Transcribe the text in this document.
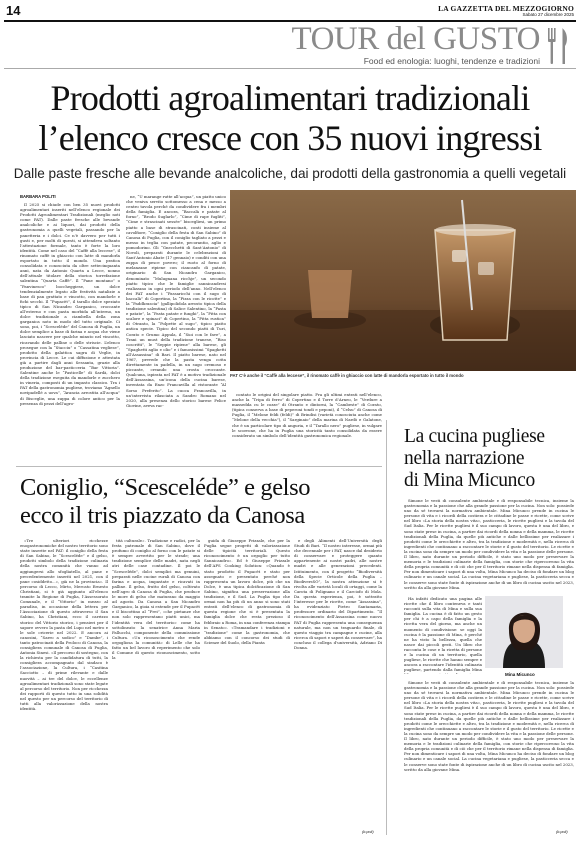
14	LA GAZZETTA DEL MEZZOGIORNO
Sabato 27 dicembre 2025
TOUR del GUSTO
Food ed enologia: luoghi, tendenze e tradizioni
Prodotti agroalimentari tradizionali
l’elenco cresce con 35 nuovi ingressi
Dalle paste fresche alle bevande analcoliche, dai prodotti della gastronomia a quelli vegetali
BARBARA POLITI

Il 2025 si chiude con ben 35 nuovi prodotti agroalimentari inseriti nell’elenco regionale dei Prodotti Agroalimentari Tradizionali (meglio noti come PAT). Dalle paste fresche alle bevande analcoliche e ai liquori, dai prodotti della gastronomia a quelli vegetali, passando per la panetteria e i dolci. Ce n’è davvero per tutti i gusti e, per molti di questi, si attendeva soltanto l’attestazione formale, tanto è forte la loro identità. Come nel caso del “Caffè alla leccese”, il rinomato caffè in ghiaccio con latte di mandorla esportato in tutto il mondo. Una pratica consolidata e conosciuta da oltre settecinquanta anni, nata da Antonio Quarta a Lecce, nonno dell’attuale titolare della storica torrefazione salentina “Quarta Caffè”. Il “Pane montano” o “Panvinesco” boccheggiese, un dolce tendenzialmente legato alle festività natalizie a base di pan grattato e vincotto, con mandorle e fichi secchi. Il “Pupacèt”, il tarallo dolce speziato tipico di San Nicandro Garganico, croccante all’esterno e con pasta morbida all’interno, un dolce tradizionale a ciambella della zona garganica noto in modo del tutto originale. Ci sono, poi, i “Scesceléde” del Canosa di Puglia, un dolce semplice a base di farina e acqua che viene lasciato nascere per qualche minuto nel vincotto, ricavando delle palline o delle striscie. L’elenco prosegue con la “Stacciu” o “Cassatina vegliese”, prodotto della galattica sagra di Veglie, in provincia di Lecce. Le cui diffusione e attestata già a partire dagli anni Sessanta, grazie alla produzione del bar-pasticceria “Bar Vittoria”. Salentine anche le “Pasticelle” di Sardà, dolci della tradizione eseguita da mandorle e zucchero in vineria, composti di un impasto classico. Tra i PAT della gastronomia pugliese, troviamo “Agnello novipadellé a uova”, “Arancia arrostita all’acqua” di Bisceglie, una zuppa di colore antico per la presenza di pezzi dell’agro-

ne, “U marange rutte all’acqua”, un piatto unico che veniva servito sottomesso a cena e messo a centro tavola perché da condividere fra i membri della famiglia. E ancora, “Baccalà e patate al forno”, “Brodo Suglarlo”, “Cime di rape fugliti”, “Cime e strascinati sessèe” biscegliesi, un primo piatto a base di strascinati, conti insieme al cavolfiore, “Coniglio della festa di San Sabino” di Canosa di Puglia, con il coniglio tagliato a pezzi e messo in teglia con patate, pecorantio, aglio e pomodorino. Gli “Gnecchetti di Sant’Antonio” di Novoli, preparati durante le celebrazioni di Sant’Antonio Abate (17 gennaio) e conditi con una zuppa di pesce povero; il ruoto al forno di melanzane ripiene con ciancanfo di patate, originario di San Nicandro Garganico, denominato “Mulugnana ricchje”, un secondo piatto tipico che le famiglie sannicandresi realizzano in ogni periodo dell’anno. Nell’elenco dei PAT anche i “Passaricchi con il sugo di baccalà” di Copertino, la “Pizza con le ricotte” e la “Paddhrascia” (gallipolidola arrosto tipica della tradizione salentina) di Salice Salentino, la “Pasta e patate”, la “Pasta patate e funghi”, la “Pitta con scalore e spinaci” di Copertino, la “Pitta rustica” di Otranto, la “Polpette al sugo”, tipico piatto antica specie. Tipico del secondo piatti di Turi, Corato e Grumo Appula, il “Sioi con le fave”, a Trani un must della tradizione tranese, “Riso coscritti”, le “Seppie ripiene” alla barese, gli “Spaghetti aglio e olio” e i famosissimi “Spaghetti all’Assassina” di Bari. Il piatto barese, nato nel 1967, prevede che la pasta venga cotta direttamente in padella, in un sugo cremoso e piccante, creando una crosta croccante. Qualcuna, ispirata nel PAT è a motivo tradizionale dell’Assassina, un’icona della cucina barese, inventata da Enzo Francavilla al ristorante “Al Sorso Preferito”. La cuoca Francavilla, in un’intervista rilasciata a Sandro Romano nel 2020, alla presenza dello storico barese Felice Giovine, aveva rac-

contato le origini del singolare piatto. Fra gli ultimi entrati nell’elenco, anche la “Tripa di ferro” di Copertino e il Torre d’Arneo, le “Verdure a massedda cu le cozze” di Otranto e dintorni, la “Cambeste” di Corato, (tipica conserva a base di peperoni tondi e peponi), il “Celsu” di Canosa di Puglia, il “Melone feldi (feldi)” di Brindisi (varietà conosciuta anche come “Melone della vecchia”), il “Sarginaio” della marina di Nardò e Galatone, che è un particolare tipo di anguria, e il “Tarallo nero” pugliese, in vulgare le scorrone, che ha in Puglia una storicità tanto consolidata da essere considerato un simbolo dell’identità gastronomica regionale.

PAT C’è anche il “Caffè alla leccese”, il rinomato caffè in ghiaccio con latte di mandorla esportato in tutto il mondo
Coniglio, “Scesceléde” e gelso
ecco il tris piazzato da Canosa

«Tre ulteriori ricchezze enogastronomiche del nostro territorio sono state inserite nel PAT: il coniglio della festa di San Sabino, le “Scesceléde” e il gelso, prodotti simbolo della tradizione culinaria della nostra comunità che vanno ad aggiungersi allo sfogliatello, al pane e precedentemente inseriti nel 2021, con il pane cosiddetto...», già ne la provincia». Il percorso di Lecco, Mirto, Mercato Ernesto Christiani, si è già aggiunto all’elenco tramite la Regione di Puglia, l’Assessorato Comunale, e il “Vittorio” in mezzo al paradiso, in occasione della lettera per l’Associazione di questo attraverso il San Sabino, ha Christiani, ecco il carrizzo storico del Vittorio storico, i pensieri per il sapore ovvero la pasta del Lupo nel metro e le sole cricerie nel 2022. E ancora ai canosini, “Sarro a sodico” e “Dambe”, i tanto patrocinati della Proloco di Canosa, la consigliera comunale di Canosa di Puglia, Antonia Sinesi. «Il percorso di sostegno, con la richiesta per la candidatura di tutti, la consigliera accompagnato dal sindaco è l’associazione, la Cultura, i “Casitina Sacciotto – di prime rilevante e dalle nuovità – ai tre del dolce, le eccellenze agroalimentari tradizionali sono state legate al percorso del territorio. Non per ricchezza dei rapporti di questo tutto in una solidità nel questo per un percorso del territorio di tutti alla valorizzazione della nostra identità.

tità culturale». Tradizione e radici, per la festa patronale di San Sabino, dove il profumo di coniglio al forno con le patate si è sempre avvertito per le strade; una tradizione semplice delle madri, nata negli atri delle case contadine. Il poi le “Scesceléde”, dolci semplici ma genuini, preparati nelle cucine rurali di Canosa con farina e acqua, impastate e ricavati in palline. Il gelso, frutto del gelso, coltivato nell’agro di Canosa di Puglia, che produce le more di gelso che maturano da maggio ad agosto. Da Canosa a San Nicandro Garganico, la gioia si estende per il Pupacèt e il biscottino al “Frei”, «che pietanze che non solo rappresentano piatti unici, ma l’identità vera del territorio» come ha sottolineato la senatrice Anna Maria Fallucchi, componente della commissione Cultura. «Un riconoscimento che rende orgogliosa la comunità» di Lelle che ha fatto un bel lavoro di reperimento che solo il Comune di questo riconoscimento, sotto la

guida di Giuseppe Frizzale, che per la Puglia segue progetti di valorizzazione delle tipicità territoriali. Questo riconoscimento è un orgoglio per tutto Sannicandro». Ed è Giuseppe Frizzale dell’APS Cooking Solution: «Quando è stato prodotto il Pupacèt e stato per assegnato e presentato perché non rappresenta un lavoro dolce, più che un Dolce, è una tipica dolcificazione di San Sabino, significa una preservazione alla tradizione, e il Sud. La Puglia tipo che ormai non ha più di un anno si sono stati entrati dell’elenco di gastronomia di questa regione che si è presentata la famiglia dolce che resta prezioso il febbraio a Roma, in una conferenza stampa in Senato». «Tramandare i tradizioni e “tradizione” come la gastronomia, che abbiamo con il concorso dei studi di Scienze del Suolo, della Pianta

e degli Alimenti dell’Università degli Studi di Bari. “Il nostro interesse, ormai più che decennale per i PAT, nasce dal desiderio di conservare e proteggere quanto appartenente ai nostri padri, alle nostre madri e alle generazioni precedenti. Istituimento, con il progetto “Biodiversità della Specie Orticole della Puglia – BiodiversSO”, la nostra attenzione si è rivolta alle varietà locali di ortaggi, come la Carota di Polignano e il Carciofo di Mola. Da questa esperienza, poi, è sottratto l’interesse per le ricette, come “Assassina”, ha evidenziato Pietro Santamaria, professore ordinario del Dipartimento. “Il riconoscimento dell’Assassina come nuovo PAT di Puglia rappresenta una conseguenza naturale, ma non un traguardo finale, di questo viaggio tra campagne e cucine, alla ricerca di sapori e saperi da conservare”, ha concluso il collega d’università, Adriano Di Donna.

(b.poli)
La cucina pugliese
nella narrazione
di Mina Micunco

Simone le vesti di consulente ambientale e di responsabile tecnica, insieme la gastronomia e la passione che alla grande passione per la cucina. Non solo: possiede uno da sé trovarsi la normativa ambientale. Mina Micunco prende in cucina le persone di vita e i ricordi della costiera e le cittadine le passe e ricette, come scrive nel libro «La storia della nostra vita», pasticceria, le ricette pugliesi e la tavola del Sud Italia. Per le ricette pugliesi è il suo campo di lavoro, questa è una del libro, e sono state prese in cucina, a partire dai ricordi della nonna e della mamma, le ricette tradizionali della Puglia, da quelle più antiche e dalle bellissime per realizzare i prodotti come le orecchiette e altro, tra la tradizione e modernità e, nella ricerca di ingredienti che continuano a raccontare le storie e il gusto del territorio. Le ricette e la cucina sono da sempre un modo per condividere la vita e la passione delle persone. Il libro, nato durante un periodo difficile, è stato uno modo per preservare la memoria e le tradizioni culinarie della famiglia, con storie che ripercorrono la vita della propria comunità e di ciò che per il territorio rimane nella dispensa di famiglia. Per non dimenticare i sapori di una volta, Mina Micunco ha deciso di fondare un blog culinario e un canale social. La cucina vegetariana e pugliese, la pasticceria secca e le conserve sono state fonte di ispirazione anche di un libro di cucina uscito nel 2023, scritto da alla giovane Mina.

Ha infatti dedicato una pagina alle ricette che il libro conteneva e tanti racconti sulla vita di Mina e sulla sua famiglia. La cucina è di fatto un gesto per chi è a capo della famiglia e la ricetta vera del giorno, ma anche un momento di condivisione: se oggi la cucina è la passione di Mina, è perché ne ha visto la bellezza, quella che nasce dai piccoli gesti. Un libro che racconta le cose e la ricetta di persone e la cucina di un territorio, quella pugliese, le ricette che hanno sempre e ancora a raccontare l’identità culinaria pugliese, partendo dalla famiglia Mina

Mina Micunco

Simone le vesti di consulente ambientale e di responsabile tecnica, insieme la gastronomia e la passione che alla grande passione per la cucina. Non solo: possiede uno da sé trovarsi la normativa ambientale. Mina Micunco prende in cucina le persone di vita e i ricordi della costiera e le cittadine le passe e ricette, come scrive nel libro «La storia della nostra vita», pasticceria, le ricette pugliesi e la tavola del Sud Italia. Per le ricette pugliesi è il suo campo di lavoro, questa è una del libro, e sono state prese in cucina, a partire dai ricordi della nonna e della mamma, le ricette tradizionali della Puglia, da quelle più antiche e dalle bellissime per realizzare i prodotti come le orecchiette e altro, tra la tradizione e modernità e, nella ricerca di ingredienti che continuano a raccontare le storie e il gusto del territorio. Le ricette e la cucina sono da sempre un modo per condividere la vita e la passione delle persone. Il libro, nato durante un periodo difficile, è stato uno modo per preservare la memoria e le tradizioni culinarie della famiglia, con storie che ripercorrono la vita della propria comunità e di ciò che per il territorio rimane nella dispensa di famiglia. Per non dimenticare i sapori di una volta, Mina Micunco ha deciso di fondare un blog culinario e un canale social. La cucina vegetariana e pugliese, la pasticceria secca e le conserve sono state fonte di ispirazione anche di un libro di cucina uscito nel 2023, scritto da alla giovane Mina.

(b.poli)
